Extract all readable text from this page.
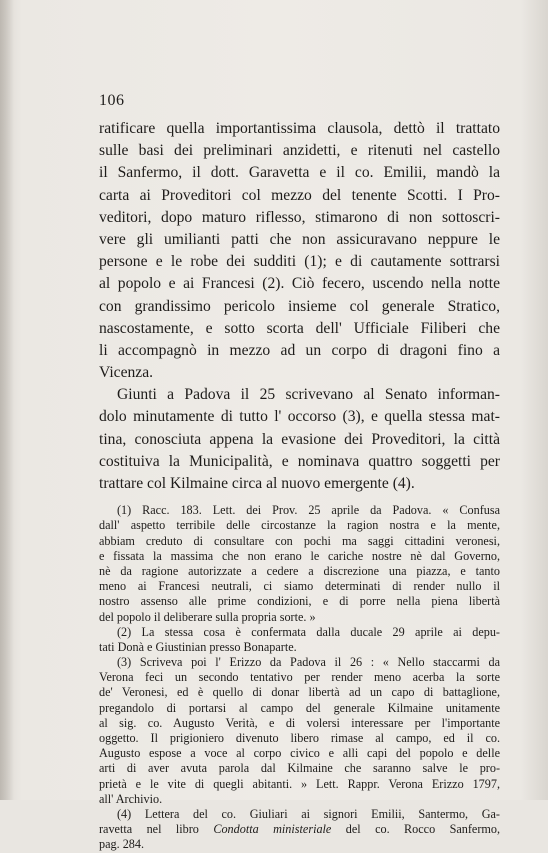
106
ratificare quella importantissima clausola, dettò il trattato
sulle basi dei preliminari anzidetti, e ritenuti nel castello
il Sanfermo, il dott. Garavetta e il co. Emilii, mandò la
carta ai Proveditori col mezzo del tenente Scotti. I Pro-
veditori, dopo maturo riflesso, stimarono di non sottoscri-
vere gli umilianti patti che non assicuravano neppure le
persone e le robe dei sudditi (1); e di cautamente sottrarsi
al popolo e ai Francesi (2). Ciò fecero, uscendo nella notte
con grandissimo pericolo insieme col generale Stratico,
nascostamente, e sotto scorta dell' Ufficiale Filiberi che
li accompagnò in mezzo ad un corpo di dragoni fino a
Vicenza.
Giunti a Padova il 25 scrivevano al Senato informan-
dolo minutamente di tutto l' occorso (3), e quella stessa mat-
tina, conosciuta appena la evasione dei Proveditori, la città
costituiva la Municipalità, e nominava quattro soggetti per
trattare col Kilmaine circa al nuovo emergente (4).
(1) Racc. 183. Lett. dei Prov. 25 aprile da Padova. « Confusa
dall' aspetto terribile delle circostanze la ragion nostra e la mente,
abbiam creduto di consultare con pochi ma saggi cittadini veronesi,
e fissata la massima che non erano le cariche nostre nè dal Governo,
nè da ragione autorizzate a cedere a discrezione una piazza, e tanto
meno ai Francesi neutrali, ci siamo determinati di render nullo il
nostro assenso alle prime condizioni, e di porre nella piena libertà
del popolo il deliberare sulla propria sorte. »
(2) La stessa cosa è confermata dalla ducale 29 aprile ai depu-
tati Donà e Giustinian presso Bonaparte.
(3) Scriveva poi l' Erizzo da Padova il 26 : « Nello staccarmi da
Verona feci un secondo tentativo per render meno acerba la sorte
de' Veronesi, ed è quello di donar libertà ad un capo di battaglione,
pregandolo di portarsi al campo del generale Kilmaine unitamente
al sig. co. Augusto Verità, e di volersi interessare per l'importante
oggetto. Il prigioniero divenuto libero rimase al campo, ed il co.
Augusto espose a voce al corpo civico e alli capi del popolo e delle
arti di aver avuta parola dal Kilmaine che saranno salve le pro-
prietà e le vite di quegli abitanti. » Lett. Rappr. Verona Erizzo 1797,
all' Archivio.
(4) Lettera del co. Giuliari ai signori Emilii, Santermo, Ga-
ravetta nel libro Condotta ministeriale del co. Rocco Sanfermo,
pag. 284.
